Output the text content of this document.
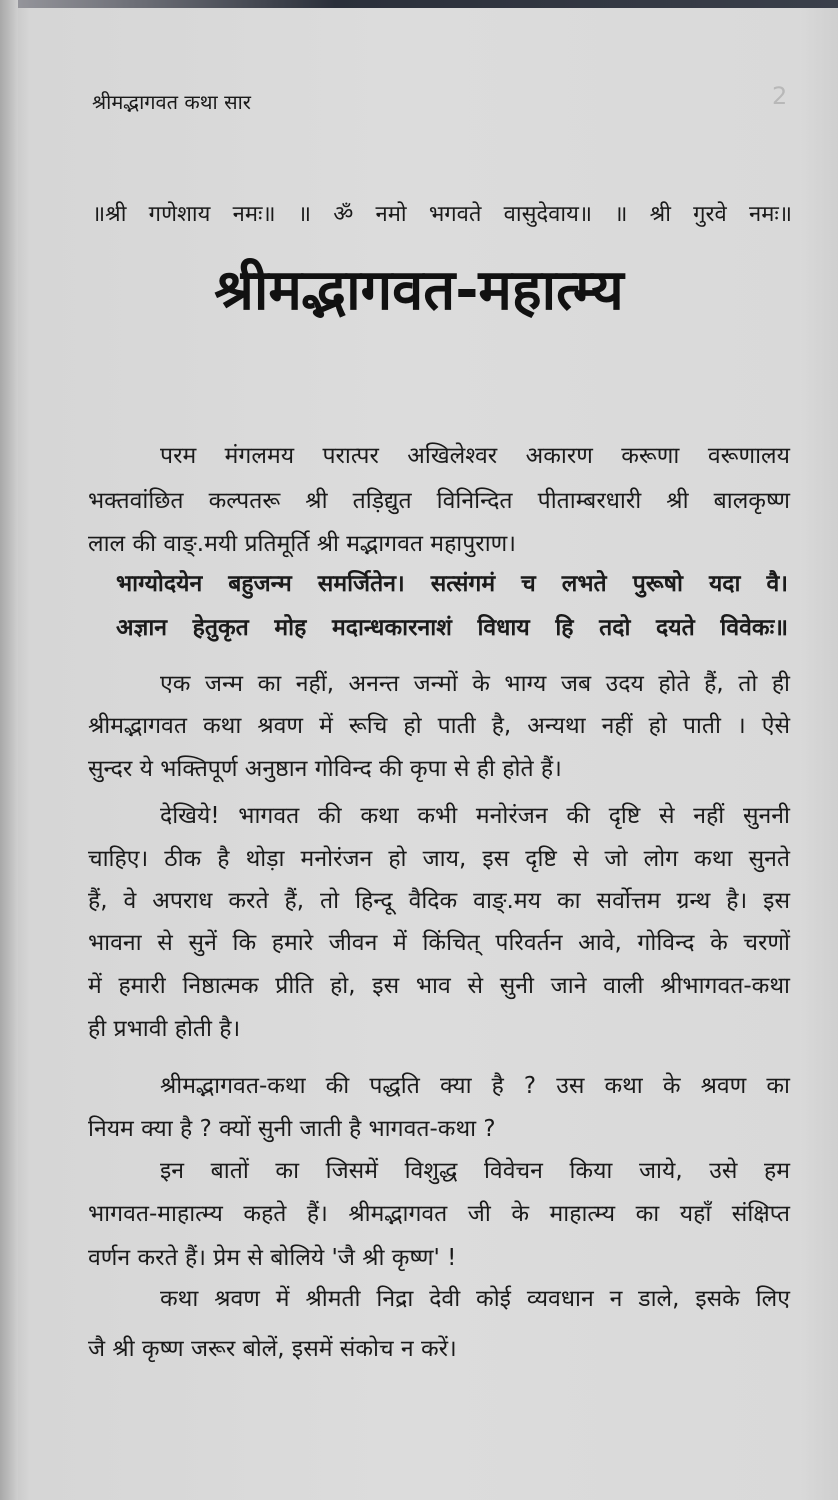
श्रीमद्भागवत कथा सार	2
॥श्री गणेशाय नमः॥ ॥ ॐ नमो भगवते वासुदेवाय॥ ॥ श्री गुरवे नमः॥
श्रीमद्भागवत-महात्म्य
परम मंगलमय परात्पर अखिलेश्वर अकारण करूणा वरूणालय
भक्तवांछित कल्पतरू श्री तड़िद्युत विनिन्दित पीताम्बरधारी श्री बालकृष्ण
लाल की वाङ्.मयी प्रतिमूर्ति श्री मद्भागवत महापुराण।
भाग्योदयेन बहुजन्म समर्जितेन। सत्संगमं च लभते पुरूषो यदा वै।
अज्ञान हेतुकृत मोह मदान्धकारनाशं विधाय हि तदो दयते विवेकः॥
एक जन्म का नहीं, अनन्त जन्मों के भाग्य जब उदय होते हैं, तो ही
श्रीमद्भागवत कथा श्रवण में रूचि हो पाती है, अन्यथा नहीं हो पाती । ऐसे
सुन्दर ये भक्तिपूर्ण अनुष्ठान गोविन्द की कृपा से ही होते हैं।
देखिये! भागवत की कथा कभी मनोरंजन की दृष्टि से नहीं सुननी
चाहिए। ठीक है थोड़ा मनोरंजन हो जाय, इस दृष्टि से जो लोग कथा सुनते
हैं, वे अपराध करते हैं, तो हिन्दू वैदिक वाङ्.मय का सर्वोत्तम ग्रन्थ है। इस
भावना से सुनें कि हमारे जीवन में किंचित् परिवर्तन आवे, गोविन्द के चरणों
में हमारी निष्ठात्मक प्रीति हो, इस भाव से सुनी जाने वाली श्रीभागवत-कथा
ही प्रभावी होती है।
श्रीमद्भागवत-कथा की पद्धति क्या है ? उस कथा के श्रवण का
नियम क्या है ? क्यों सुनी जाती है भागवत-कथा ?
इन बातों का जिसमें विशुद्ध विवेचन किया जाये, उसे हम
भागवत-माहात्म्य कहते हैं। श्रीमद्भागवत जी के माहात्म्य का यहाँ संक्षिप्त
वर्णन करते हैं। प्रेम से बोलिये 'जै श्री कृष्ण' !
कथा श्रवण में श्रीमती निद्रा देवी कोई व्यवधान न डाले, इसके लिए
जै श्री कृष्ण जरूर बोलें, इसमें संकोच न करें।
